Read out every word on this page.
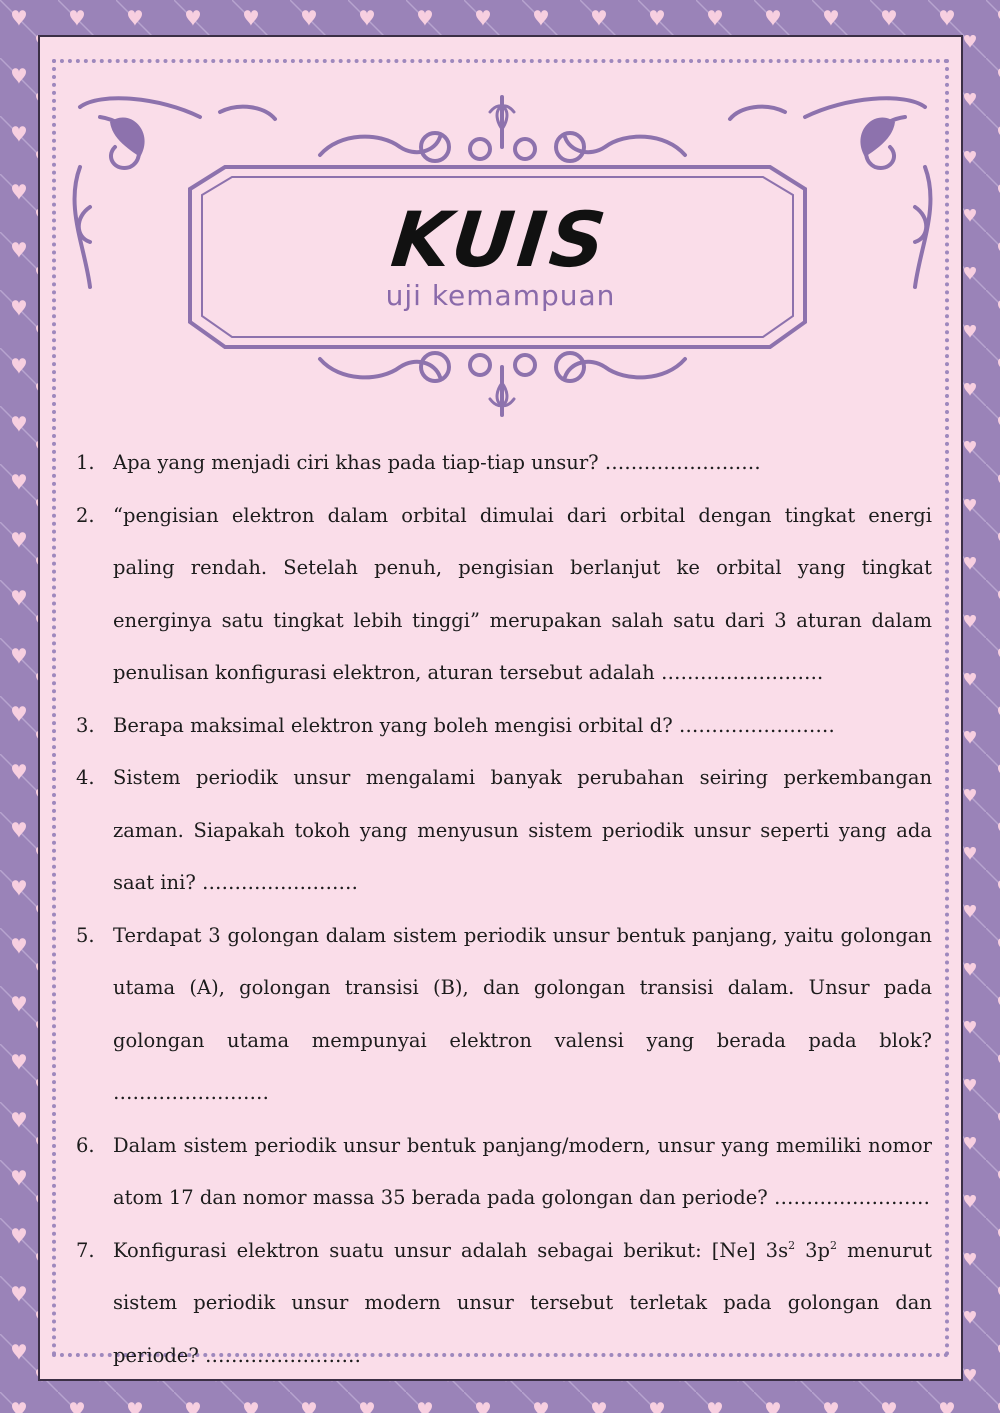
KUIS
uji kemampuan
1. Apa yang menjadi ciri khas pada tiap-tiap unsur? ……………………
2. “pengisian elektron dalam orbital dimulai dari orbital dengan tingkat energi paling rendah. Setelah penuh, pengisian berlanjut ke orbital yang tingkat energinya satu tingkat lebih tinggi” merupakan salah satu dari 3 aturan dalam penulisan konfigurasi elektron, aturan tersebut adalah …………………….
3. Berapa maksimal elektron yang boleh mengisi orbital d? ……………………
4. Sistem periodik unsur mengalami banyak perubahan seiring perkembangan zaman. Siapakah tokoh yang menyusun sistem periodik unsur seperti yang ada saat ini? ……………………
5. Terdapat 3 golongan dalam sistem periodik unsur bentuk panjang, yaitu golongan utama (A), golongan transisi (B), dan golongan transisi dalam. Unsur pada golongan utama mempunyai elektron valensi yang berada pada blok? ……………………
6. Dalam sistem periodik unsur bentuk panjang/modern, unsur yang memiliki nomor atom 17 dan nomor massa 35 berada pada golongan dan periode? ……………………
7. Konfigurasi elektron suatu unsur adalah sebagai berikut: [Ne] $3s^2$ $3p^2$ menurut sistem periodik unsur modern unsur tersebut terletak pada golongan dan periode? ……………………
